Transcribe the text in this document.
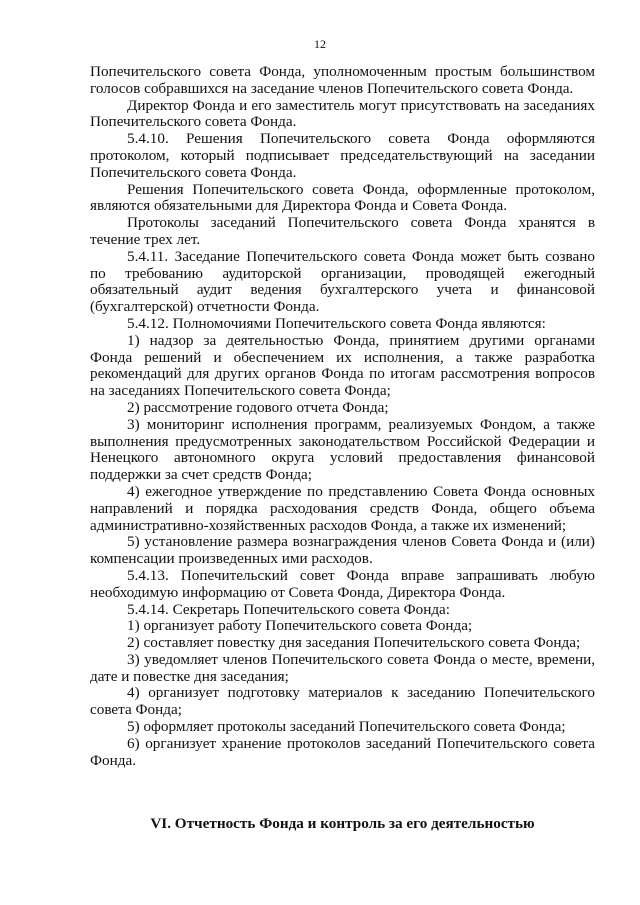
12

Попечительского совета Фонда, уполномоченным простым большинством голосов собравшихся на заседание членов Попечительского совета Фонда.

Директор Фонда и его заместитель могут присутствовать на заседаниях Попечительского совета Фонда.

5.4.10. Решения Попечительского совета Фонда оформляются протоколом, который подписывает председательствующий на заседании Попечительского совета Фонда.

Решения Попечительского совета Фонда, оформленные протоколом, являются обязательными для Директора Фонда и Совета Фонда.

Протоколы заседаний Попечительского совета Фонда хранятся в течение трех лет.

5.4.11. Заседание Попечительского совета Фонда может быть созвано по требованию аудиторской организации, проводящей ежегодный обязательный аудит ведения бухгалтерского учета и финансовой (бухгалтерской) отчетности Фонда.

5.4.12. Полномочиями Попечительского совета Фонда являются:

1) надзор за деятельностью Фонда, принятием другими органами Фонда решений и обеспечением их исполнения, а также разработка рекомендаций для других органов Фонда по итогам рассмотрения вопросов на заседаниях Попечительского совета Фонда;

2) рассмотрение годового отчета Фонда;

3) мониторинг исполнения программ, реализуемых Фондом, а также выполнения предусмотренных законодательством Российской Федерации и Ненецкого автономного округа условий предоставления финансовой поддержки за счет средств Фонда;

4) ежегодное утверждение по представлению Совета Фонда основных направлений и порядка расходования средств Фонда, общего объема административно-хозяйственных расходов Фонда, а также их изменений;

5) установление размера вознаграждения членов Совета Фонда и (или) компенсации произведенных ими расходов.

5.4.13. Попечительский совет Фонда вправе запрашивать любую необходимую информацию от Совета Фонда, Директора Фонда.

5.4.14. Секретарь Попечительского совета Фонда:

1) организует работу Попечительского совета Фонда;

2) составляет повестку дня заседания Попечительского совета Фонда;

3) уведомляет членов Попечительского совета Фонда о месте, времени, дате и повестке дня заседания;

4) организует подготовку материалов к заседанию Попечительского совета Фонда;

5) оформляет протоколы заседаний Попечительского совета Фонда;

6) организует хранение протоколов заседаний Попечительского совета Фонда.

VI. Отчетность Фонда и контроль за его деятельностью
